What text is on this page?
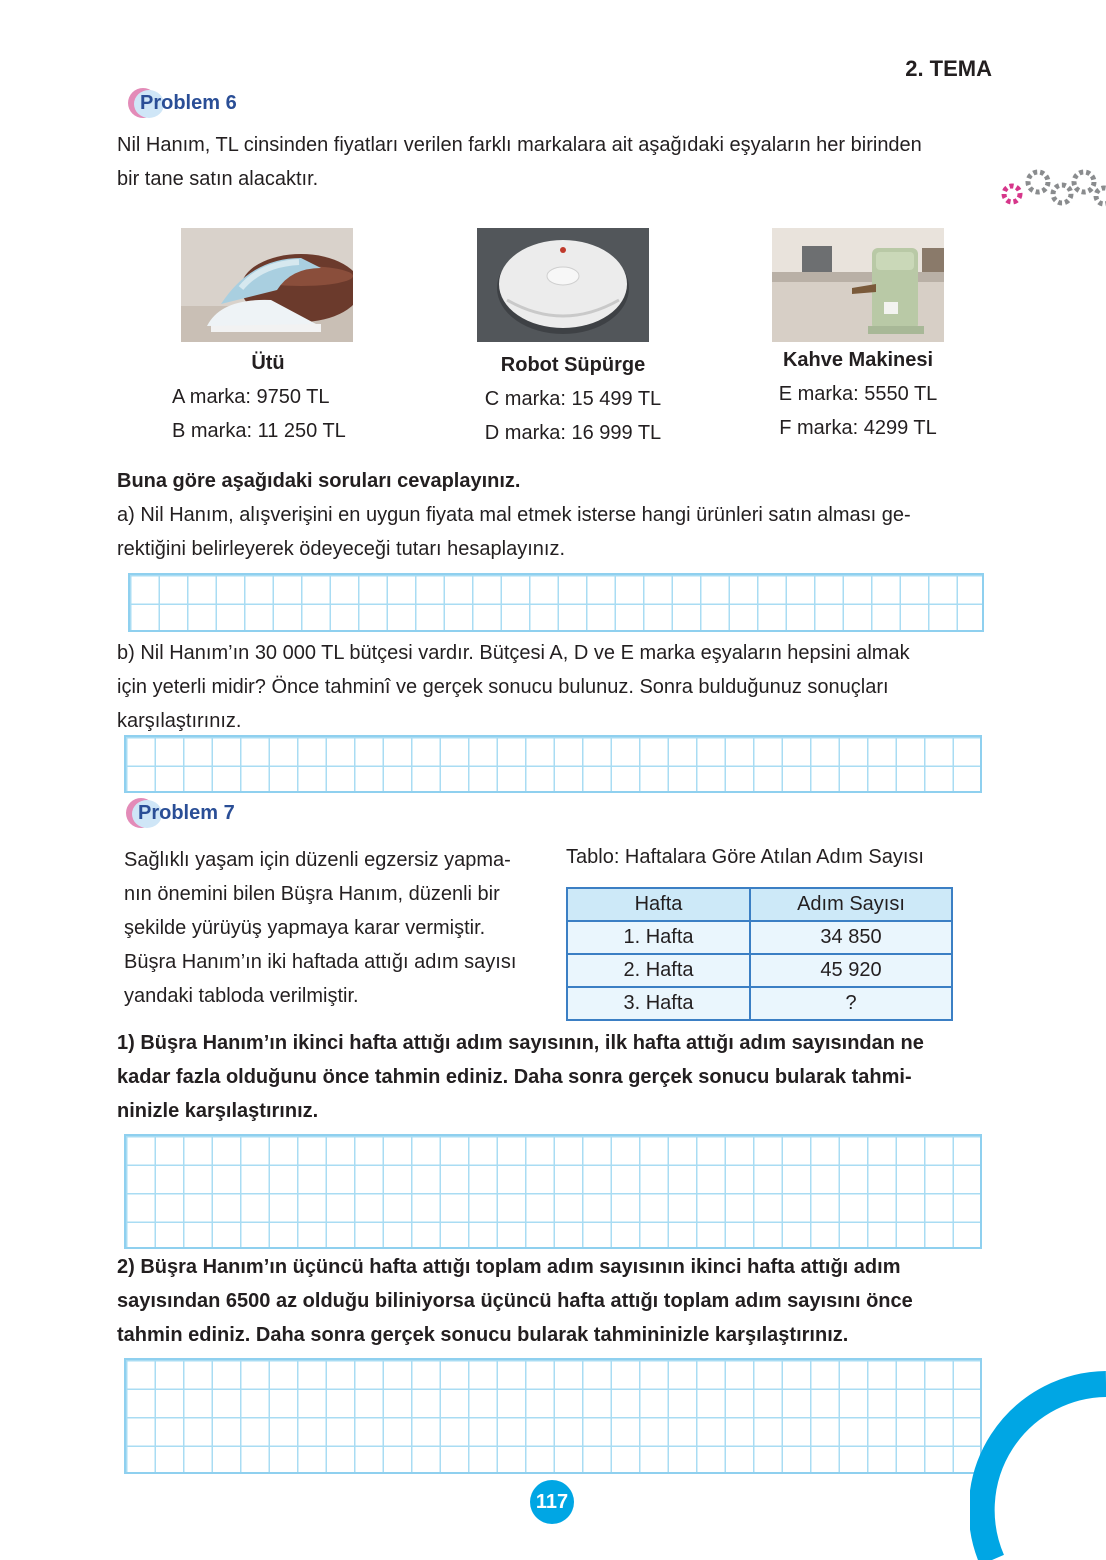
2. TEMA
Problem 6
Nil Hanım, TL cinsinden fiyatları verilen farklı markalara ait aşağıdaki eşyaların her birinden
bir tane satın alacaktır.
Ütü
A marka: 9750 TL
B marka: 11 250 TL
Robot Süpürge
C marka: 15 499 TL
D marka: 16 999 TL
Kahve Makinesi
E marka: 5550 TL
F marka: 4299 TL
Buna göre aşağıdaki soruları cevaplayınız.
a) Nil Hanım, alışverişini en uygun fiyata mal etmek isterse hangi ürünleri satın alması ge-
rektiğini belirleyerek ödeyeceği tutarı hesaplayınız.
b) Nil Hanım’ın 30 000 TL bütçesi vardır. Bütçesi A, D ve E marka eşyaların hepsini almak
için yeterli midir? Önce tahminî ve gerçek sonucu bulunuz. Sonra bulduğunuz sonuçları
karşılaştırınız.
Problem 7
Sağlıklı yaşam için düzenli egzersiz yapma-
nın önemini bilen Büşra Hanım, düzenli bir
şekilde yürüyüş yapmaya karar vermiştir.
Büşra Hanım’ın iki haftada attığı adım sayısı
yandaki tabloda verilmiştir.
Tablo: Haftalara Göre Atılan Adım Sayısı
Hafta	Adım Sayısı
1. Hafta	34 850
2. Hafta	45 920
3. Hafta	?
1) Büşra Hanım’ın ikinci hafta attığı adım sayısının, ilk hafta attığı adım sayısından ne
kadar fazla olduğunu önce tahmin ediniz. Daha sonra gerçek sonucu bularak tahmi-
ninizle karşılaştırınız.
2) Büşra Hanım’ın üçüncü hafta attığı toplam adım sayısının ikinci hafta attığı adım
sayısından 6500 az olduğu biliniyorsa üçüncü hafta attığı toplam adım sayısını önce
tahmin ediniz. Daha sonra gerçek sonucu bularak tahmininizle karşılaştırınız.
117
